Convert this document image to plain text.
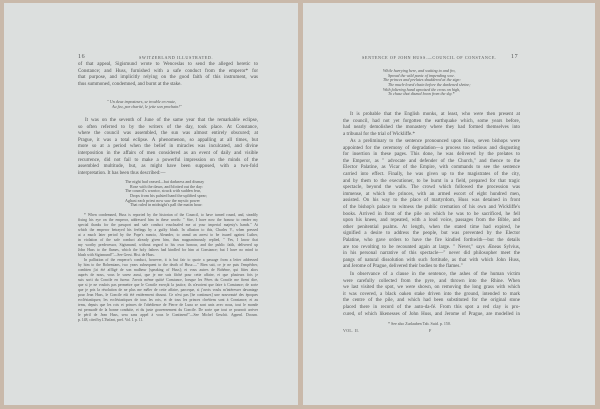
16	SWITZERLAND ILLUSTRATED.
of that appeal, Sigismund wrote to Wenceslas to send the alleged heretic to
Constance; and Huss, furnished with a safe conduct from the emperor* for
that purpose, and implicitly relying on the good faith of this instrument, was
thus summoned, condemned, and burnt at the stake.
" Un deux imposteurs, se trouble en route,
Au feu, par charité, le jette son prochain!"
It was on the seventh of June of the same year that the remarkable eclipse,
so often referred to by the writers of the day, took place. At Constance,
where the council was assembled, the sun was almost entirely obscured; at
Prague, it was a total eclipse. A phenomenon, so appalling at all times, but
more so at a period when the belief in miracles was inculcated, and divine
interposition in the affairs of men considered as an event of daily and visible
recurrence, did not fail to make a powerful impression on the minds of the
assembled multitude, but, as might have been supposed, with a two-fold
interpretation. It has been thus described:—
The night had ceased—but darkness and dismay
Rose with the dawn, and blotted out the day:
The council's warrior, struck with sudden fear,
Drops from his palsied hand the uplifted spear;
Aghast each priest now saw the mystic power
That ruled in midnight's pall the matin hour:
* When condemned, Huss is reported by the historian of the Council, to have turned round, and, steadily
fixing his eye on the emperor, addressed him in these words: " Sire, I have now the honour to render my
special thanks for the passport and safe conduct vouchsafed me at your imperial majesty's hands." At
which the emperor betrayed his feelings by a guilty blush. In allusion to this, Charles V., when pressed
at a much later period by the Pope's nuncio, Aleander, to annul an arrest to be issued against Luther,
in violation of the safe conduct already given him, thus magnanimously replied, " Yes, I know that
my worthy predecessor, Sigismund, without regard to his own honour, and the public faith, delivered up
John Huss to the flames, which the holy fathers had kindled for him at Constance; but I have no mind to
blush with Sigismund!"—See Gerst. Hist. de Huss.
In palliation of the emperor's conduct, however, it is but fair to quote a passage from a letter addressed
by him to the Bohemians, two years subsequent to the death of Huss:—" Bien sait, ce je ne puis l'empêcher,
combien j'ai été affligé de son malheur [speaking of Huss]; et vous autres de Bohême, qui fûtes alors
auprès de nous, vous le savez aussi, que je me suis fâché pour cette affaire, et que plusieurs fois je
suis sorti du Concile en fureur. J'avois même quitté Constance, lorsque les Pères du Concile me firent dire,
que si je ne voulois pas permettre que le Concile exerçât la justice, ils n'avoient que faire à Constance; de sorte
que je pris la résolution de ne plus me mêler de cette affaire, parceque, si j'avois voulu m'intéresser davantage
pour Jean Huss, le Concile eût été entièrement dissout. Ce n'est pas [he continues] une nouveauté des époques
ecclésiastiques; les ecclésiastiques de tous les rois, et de tous les princes chrétiens sont à Constance; et au
tems, depuis que les rois et princes de l'obédience de Pierre de Luna se sont unis avec nous, tout le monde
est persuadé de la bonne conduite, et du juste gouvernement du Concile. De sorte que tout ce pourroit arriver
le péril de Jean Huss, sera sans appel à vous le Continent!"—See Michel Geschit. Appenl. Docum.
p. 148, cited by L'Enfant, pref. Vol. I. p. 11.
SENTENCE OF JOHN HUSS.—COUNCIL OF CONSTANCE. 17
While hurrying here, and waiting to and fro,
Spread the wild panic of impending woe.
The princes and prelates shuddered at the sign:
The much-loved chain before the darkened shrine;
With faltering hand upraised the cross on high,
To chase that dismal boon from the sky.*
It is probable that the English monks, at least, who were then present at
the council, had not yet forgotten the earthquake which, some years before,
had nearly demolished the monastery where they had formed themselves into
a tribunal for the trial of Wickliffe.*
As a preliminary to the sentence pronounced upon Huss, seven bishops were
appointed for the ceremony of degradation—a process too tedious and disgusting
for insertion in these pages. This done, he was delivered by the prelates to
the Emperor, as " advocate and defender of the Church," and thence to the
Elector Palatine, as Vicar of the Empire, with commands to see the sentence
carried into effect. Finally, he was given up to the magistrates of the city,
and by them to the executioner, to be burnt in a field, prepared for that tragic
spectacle, beyond the walls. The crowd which followed the procession was
immense, at which the princes, with an armed escort of eight hundred men,
assisted. On his way to the place of martyrdom, Huss was detained in front
of the bishop's palace to witness the public cremation of his own and Wickliffe's
books. Arrived in front of the pile on which he was to be sacrificed, he fell
upon his knees, and repeated, with a loud voice, passages from the Bible, and
other penitential psalms. At length, when the stated time had expired, he
signified a desire to address the people, but was prevented by the Elector
Palatine, who gave orders to have the fire kindled forthwith—but the details
are too revolting to be recounted again at large. " Never," says Æneas Sylvius,
in his personal narrative of this spectacle—" never did philosopher meet the
pangs of natural dissolution with such fortitude, as that with which John Huss,
and Jerome of Prague, delivered their bodies to the flames."
In observance of a clause in the sentence, the ashes of the human victim
were carefully collected from the pyre, and thrown into the Rhine. When
we last visited the spot, we were shown, on removing the long grass with which
it was covered, a black oaken stake driven into the ground, intended to mark
the centre of the pile, and which had been substituted for the original stone
placed there in record of the auto-da-fé. From this spot a red clay is pro-
cured, of which likenesses of John Huss, and Jerome of Prague, are modelled in
* See also Zurlauben Tab. Suid. p. 150.
VOL. II.	F
